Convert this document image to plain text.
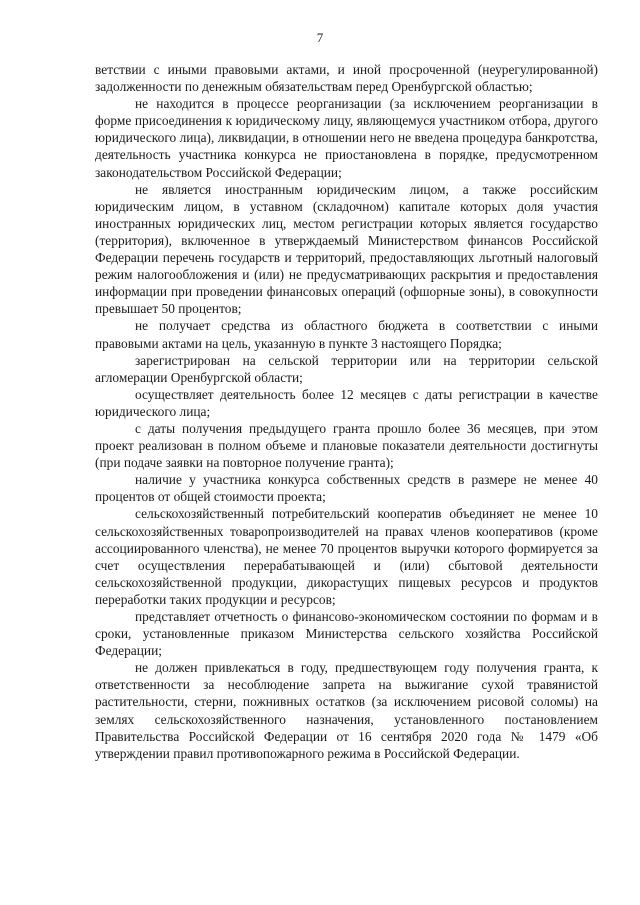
7

ветствии с иными правовыми актами, и иной просроченной (неурегулированной) задолженности по денежным обязательствам перед Оренбургской областью;

не находится в процессе реорганизации (за исключением реорганизации в форме присоединения к юридическому лицу, являющемуся участником отбора, другого юридического лица), ликвидации, в отношении него не введена процедура банкротства, деятельность участника конкурса не приостановлена в порядке, предусмотренном законодательством Российской Федерации;

не является иностранным юридическим лицом, а также российским юридическим лицом, в уставном (складочном) капитале которых доля участия иностранных юридических лиц, местом регистрации которых является государство (территория), включенное в утверждаемый Министерством финансов Российской Федерации перечень государств и территорий, предоставляющих льготный налоговый режим налогообложения и (или) не предусматривающих раскрытия и предоставления информации при проведении финансовых операций (офшорные зоны), в совокупности превышает 50 процентов;

не получает средства из областного бюджета в соответствии с иными правовыми актами на цель, указанную в пункте 3 настоящего Порядка;

зарегистрирован на сельской территории или на территории сельской агломерации Оренбургской области;

осуществляет деятельность более 12 месяцев с даты регистрации в качестве юридического лица;

с даты получения предыдущего гранта прошло более 36 месяцев, при этом проект реализован в полном объеме и плановые показатели деятельности достигнуты (при подаче заявки на повторное получение гранта);

наличие у участника конкурса собственных средств в размере не менее 40 процентов от общей стоимости проекта;

сельскохозяйственный потребительский кооператив объединяет не менее 10 сельскохозяйственных товаропроизводителей на правах членов кооперативов (кроме ассоциированного членства), не менее 70 процентов выручки которого формируется за счет осуществления перерабатывающей и (или) сбытовой деятельности сельскохозяйственной продукции, дикорастущих пищевых ресурсов и продуктов переработки таких продукции и ресурсов;

представляет отчетность о финансово-экономическом состоянии по формам и в сроки, установленные приказом Министерства сельского хозяйства Российской Федерации;

не должен привлекаться в году, предшествующем году получения гранта, к ответственности за несоблюдение запрета на выжигание сухой травянистой растительности, стерни, пожнивных остатков (за исключением рисовой соломы) на землях сельскохозяйственного назначения, установленного постановлением Правительства Российской Федерации от 16 сентября 2020 года № 1479 «Об утверждении правил противопожарного режима в Российской Федерации.
